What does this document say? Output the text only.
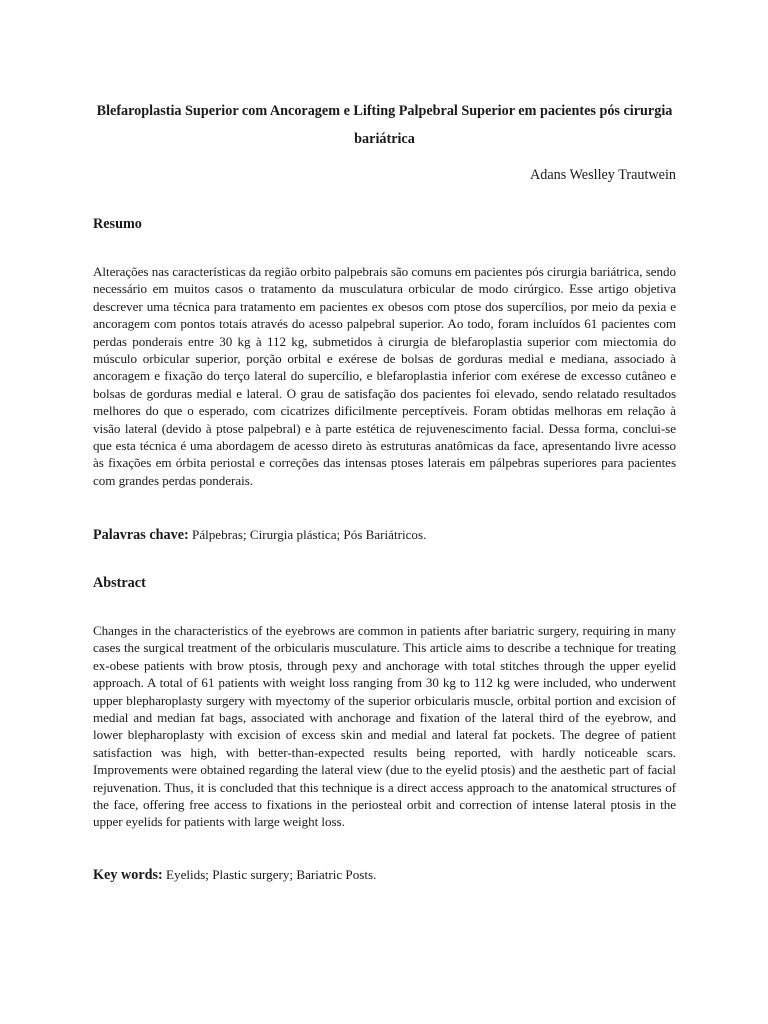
Blefaroplastia Superior com Ancoragem e Lifting Palpebral Superior em pacientes pós cirurgia bariátrica

Adans Weslley Trautwein

Resumo

Alterações nas características da região orbito palpebrais são comuns em pacientes pós cirurgia bariátrica, sendo necessário em muitos casos o tratamento da musculatura orbicular de modo cirúrgico. Esse artigo objetiva descrever uma técnica para tratamento em pacientes ex obesos com ptose dos supercílios, por meio da pexia e ancoragem com pontos totais através do acesso palpebral superior. Ao todo, foram incluídos 61 pacientes com perdas ponderais entre 30 kg à 112 kg, submetidos à cirurgia de blefaroplastia superior com miectomia do músculo orbicular superior, porção orbital e exérese de bolsas de gorduras medial e mediana, associado à ancoragem e fixação do terço lateral do supercílio, e blefaroplastia inferior com exérese de excesso cutâneo e bolsas de gorduras medial e lateral. O grau de satisfação dos pacientes foi elevado, sendo relatado resultados melhores do que o esperado, com cicatrizes dificilmente perceptíveis. Foram obtidas melhoras em relação à visão lateral (devido à ptose palpebral) e à parte estética de rejuvenescimento facial. Dessa forma, conclui-se que esta técnica é uma abordagem de acesso direto às estruturas anatômicas da face, apresentando livre acesso às fixações em órbita periostal e correções das intensas ptoses laterais em pálpebras superiores para pacientes com grandes perdas ponderais.

Palavras chave: Pálpebras; Cirurgia plástica; Pós Bariátricos.

Abstract

Changes in the characteristics of the eyebrows are common in patients after bariatric surgery, requiring in many cases the surgical treatment of the orbicularis musculature. This article aims to describe a technique for treating ex-obese patients with brow ptosis, through pexy and anchorage with total stitches through the upper eyelid approach. A total of 61 patients with weight loss ranging from 30 kg to 112 kg were included, who underwent upper blepharoplasty surgery with myectomy of the superior orbicularis muscle, orbital portion and excision of medial and median fat bags, associated with anchorage and fixation of the lateral third of the eyebrow, and lower blepharoplasty with excision of excess skin and medial and lateral fat pockets. The degree of patient satisfaction was high, with better-than-expected results being reported, with hardly noticeable scars. Improvements were obtained regarding the lateral view (due to the eyelid ptosis) and the aesthetic part of facial rejuvenation. Thus, it is concluded that this technique is a direct access approach to the anatomical structures of the face, offering free access to fixations in the periosteal orbit and correction of intense lateral ptosis in the upper eyelids for patients with large weight loss.

Key words: Eyelids; Plastic surgery; Bariatric Posts.
